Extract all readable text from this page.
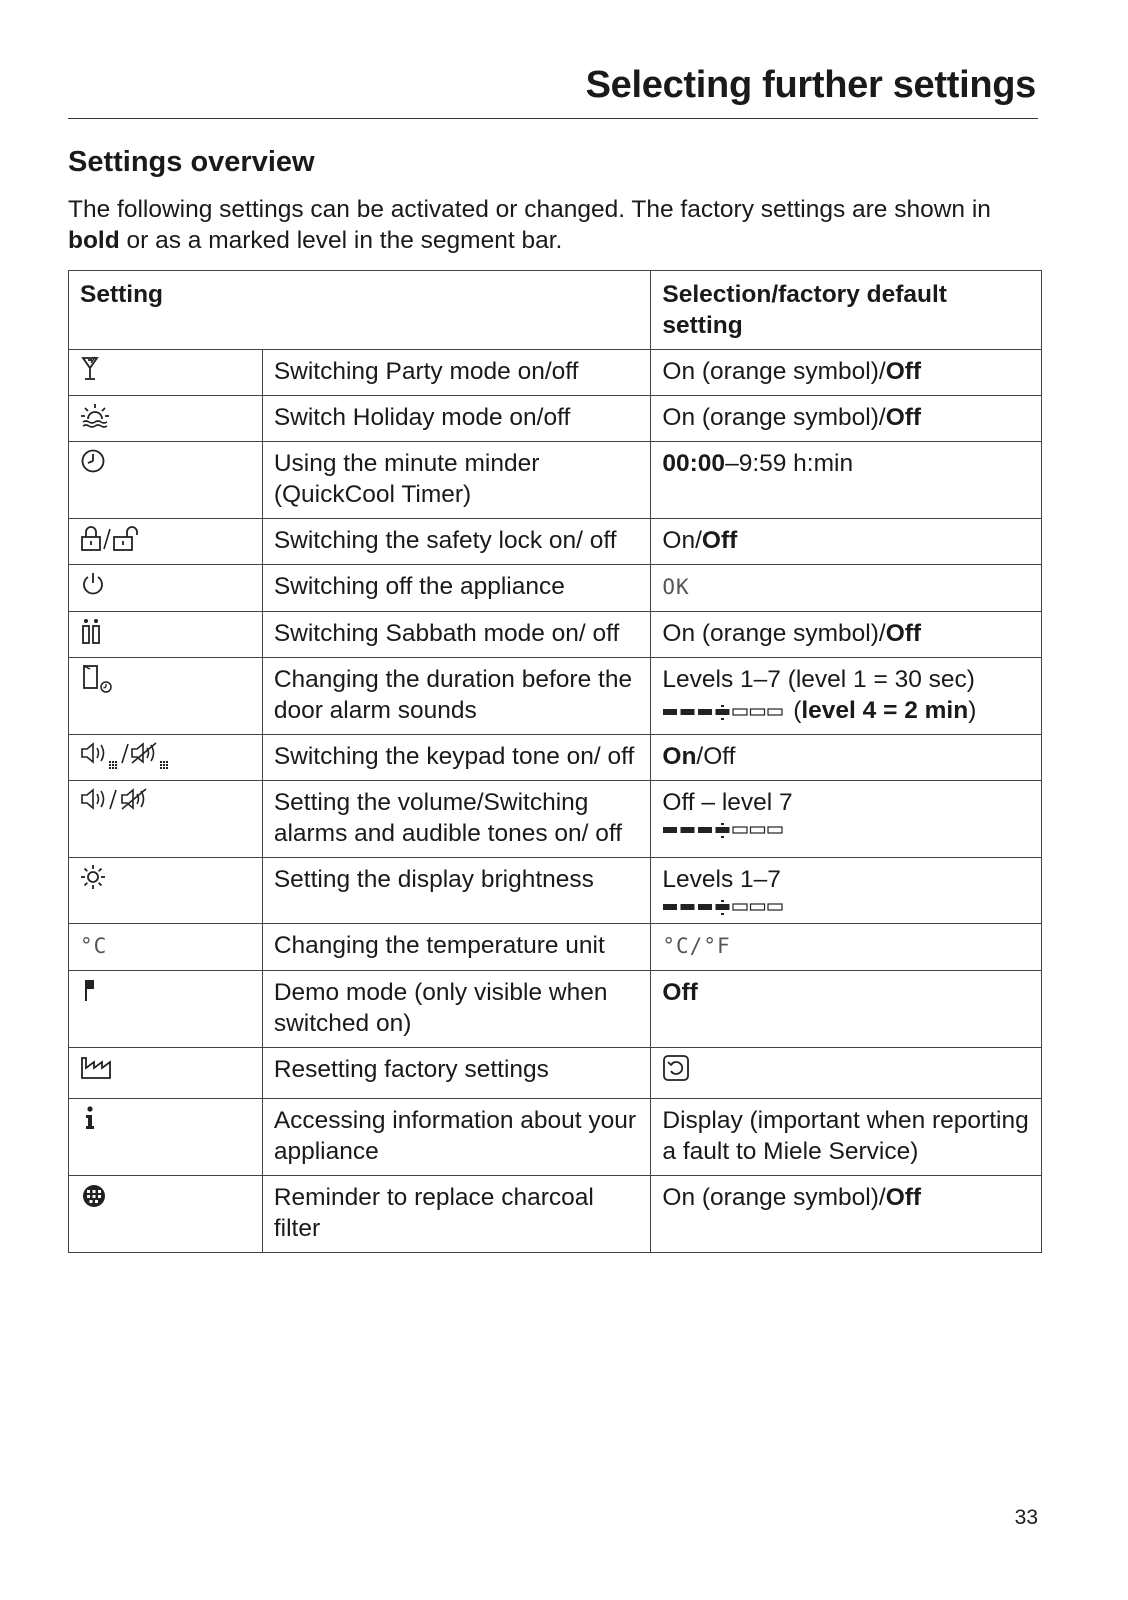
Selecting further settings
Settings overview

The following settings can be activated or changed. The factory settings are shown in bold or as a marked level in the segment bar.

Setting		Selection/factory default setting
	Switching Party mode on/off	On (orange symbol)/Off
	Switch Holiday mode on/off	On (orange symbol)/Off
	Using the minute minder (QuickCool Timer)	00:00–9:59 h:min
	Switching the safety lock on/ off	On/Off
	Switching off the appliance	OK
	Switching Sabbath mode on/ off	On (orange symbol)/Off
	Changing the duration before the door alarm sounds	Levels 1–7 (level 1 = 30 sec)
(level 4 = 2 min)
	Switching the keypad tone on/ off	On/Off
	Setting the volume/Switching alarms and audible tones on/ off	Off – level 7

	Setting the display brightness	Levels 1–7

°C	Changing the temperature unit	°C/°F
	Demo mode (only visible when switched on)	Off
	Resetting factory settings	
	Accessing information about your appliance	Display (important when reporting a fault to Miele Service)
	Reminder to replace charcoal filter	On (orange symbol)/Off

33
